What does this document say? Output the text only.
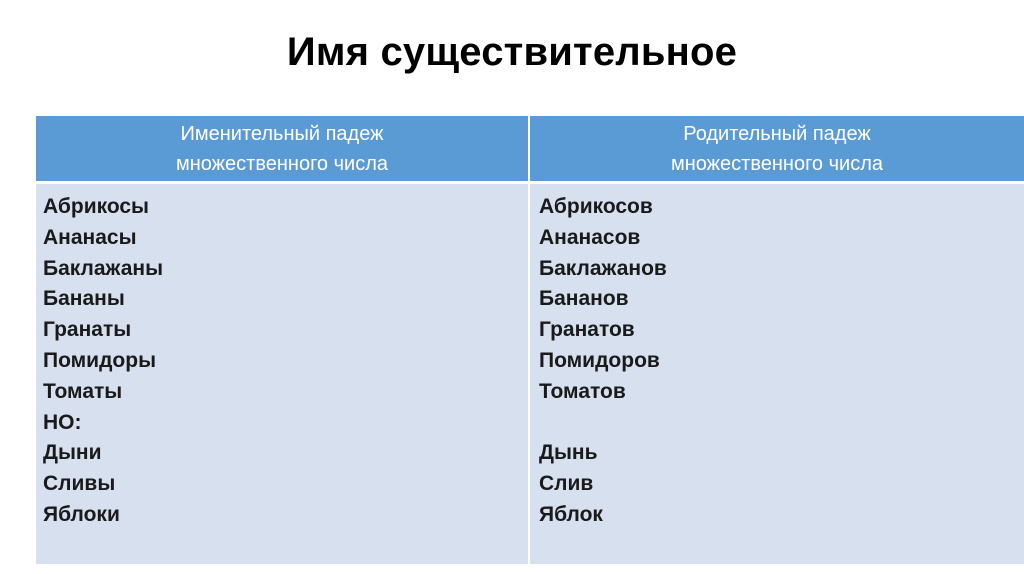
Имя существительное
Именительный падеж
множественного числа
Родительный падеж
множественного числа
Абрикосы
Ананасы
Баклажаны
Бананы
Гранаты
Помидоры
Томаты
НО:
Дыни
Сливы
Яблоки
Абрикосов
Ананасов
Баклажанов
Бананов
Гранатов
Помидоров
Томатов
Дынь
Слив
Яблок
